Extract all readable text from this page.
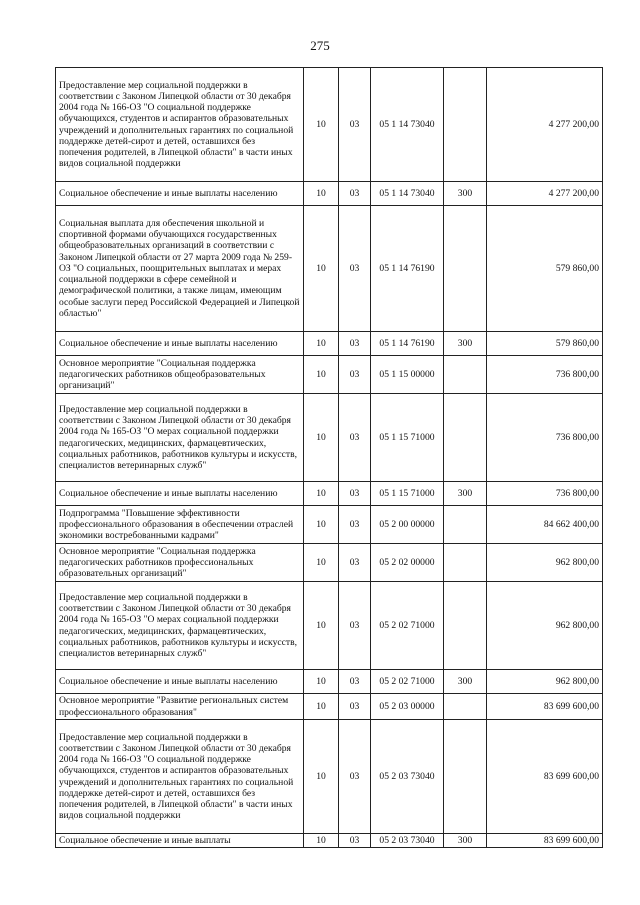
275
Предоставление мер социальной поддержки в соответствии с Законом Липецкой области от 30 декабря 2004 года № 166-ОЗ "О социальной поддержке обучающихся, студентов и аспирантов образовательных учреждений и дополнительных гарантиях по социальной поддержке детей-сирот и детей, оставшихся без попечения родителей, в Липецкой области" в части иных видов социальной поддержки	10	03	05 1 14 73040		4 277 200,00
Социальное обеспечение и иные выплаты населению	10	03	05 1 14 73040	300	4 277 200,00
Социальная выплата для обеспечения школьной и спортивной формами обучающихся государственных общеобразовательных организаций в соответствии с Законом Липецкой области от 27 марта 2009 года № 259-ОЗ "О социальных, поощрительных выплатах и мерах социальной поддержки в сфере семейной и демографической политики, а также лицам, имеющим особые заслуги перед Российской Федерацией и Липецкой областью"	10	03	05 1 14 76190		579 860,00
Социальное обеспечение и иные выплаты населению	10	03	05 1 14 76190	300	579 860,00
Основное мероприятие "Социальная поддержка педагогических работников общеобразовательных организаций"	10	03	05 1 15 00000		736 800,00
Предоставление мер социальной поддержки в соответствии с Законом Липецкой области от 30 декабря 2004 года № 165-ОЗ "О мерах социальной поддержки педагогических, медицинских, фармацевтических, социальных работников, работников культуры и искусств, специалистов ветеринарных служб"	10	03	05 1 15 71000		736 800,00
Социальное обеспечение и иные выплаты населению	10	03	05 1 15 71000	300	736 800,00
Подпрограмма "Повышение эффективности профессионального образования в обеспечении отраслей экономики востребованными кадрами"	10	03	05 2 00 00000		84 662 400,00
Основное мероприятие "Социальная поддержка педагогических работников профессиональных образовательных организаций"	10	03	05 2 02 00000		962 800,00
Предоставление мер социальной поддержки в соответствии с Законом Липецкой области от 30 декабря 2004 года № 165-ОЗ "О мерах социальной поддержки педагогических, медицинских, фармацевтических, социальных работников, работников культуры и искусств, специалистов ветеринарных служб"	10	03	05 2 02 71000		962 800,00
Социальное обеспечение и иные выплаты населению	10	03	05 2 02 71000	300	962 800,00
Основное мероприятие "Развитие региональных систем профессионального образования"	10	03	05 2 03 00000		83 699 600,00
Предоставление мер социальной поддержки в соответствии с Законом Липецкой области от 30 декабря 2004 года № 166-ОЗ "О социальной поддержке обучающихся, студентов и аспирантов образовательных учреждений и дополнительных гарантиях по социальной поддержке детей-сирот и детей, оставшихся без попечения родителей, в Липецкой области" в части иных видов социальной поддержки	10	03	05 2 03 73040		83 699 600,00
Социальное обеспечение и иные выплаты	10	03	05 2 03 73040	300	83 699 600,00
